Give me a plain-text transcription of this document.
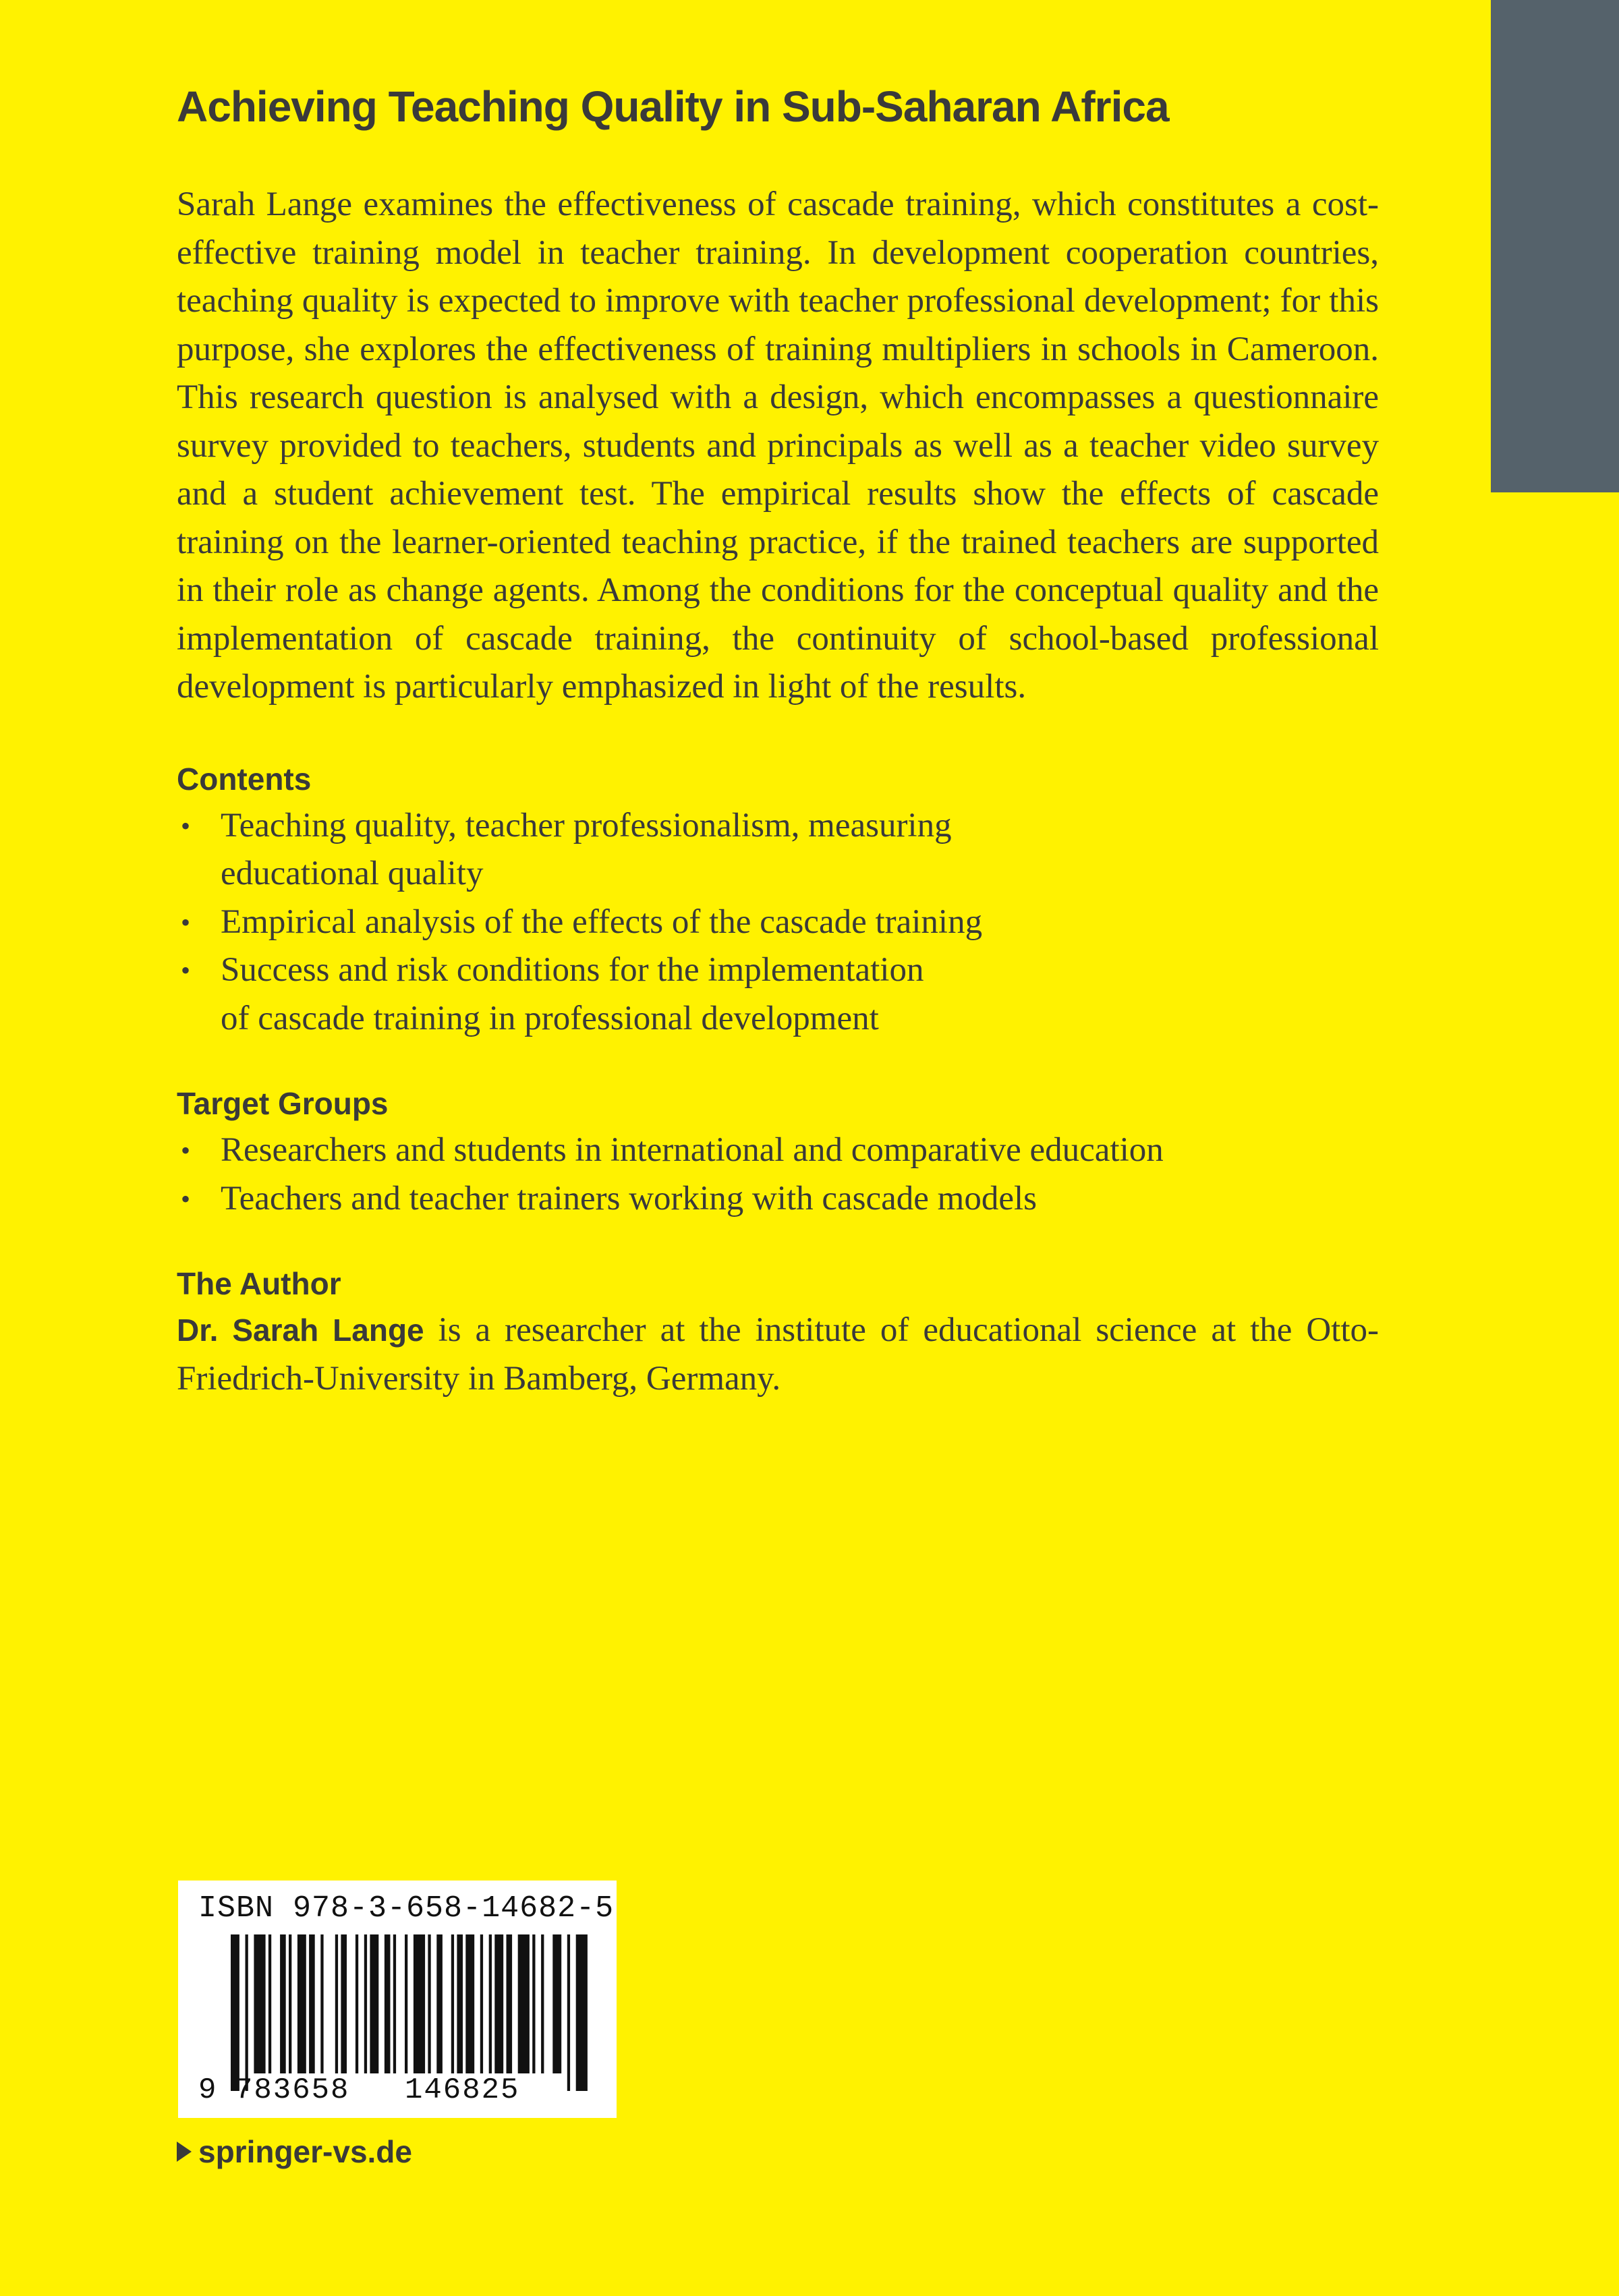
Achieving Teaching Quality in Sub-Saharan Africa

Sarah Lange examines the effectiveness of cascade training, which constitutes a cost-effective training model in teacher training. In development cooperation countries, teaching quality is expected to improve with teacher professional development; for this purpose, she explores the effectiveness of training multipliers in schools in Cameroon. This research question is analysed with a design, which encompasses a questionnaire survey provided to teachers, students and principals as well as a teacher video survey and a student achievement test. The empirical results show the effects of cascade training on the learner-oriented teaching practice, if the trained teachers are supported in their role as change agents. Among the conditions for the conceptual quality and the implementation of cascade training, the continuity of school-based professional development is particularly emphasized in light of the results.

Contents
• Teaching quality, teacher professionalism, measuring
educational quality
• Empirical analysis of the effects of the cascade training
• Success and risk conditions for the implementation
of cascade training in professional development
Target Groups
• Researchers and students in international and comparative education
• Teachers and teacher trainers working with cascade models
The Author

Dr. Sarah Lange is a researcher at the institute of educational science at the Otto-Friedrich-University in Bamberg, Germany.

ISBN 978-3-658-14682-5
9 783658 146825
springer-vs.de
